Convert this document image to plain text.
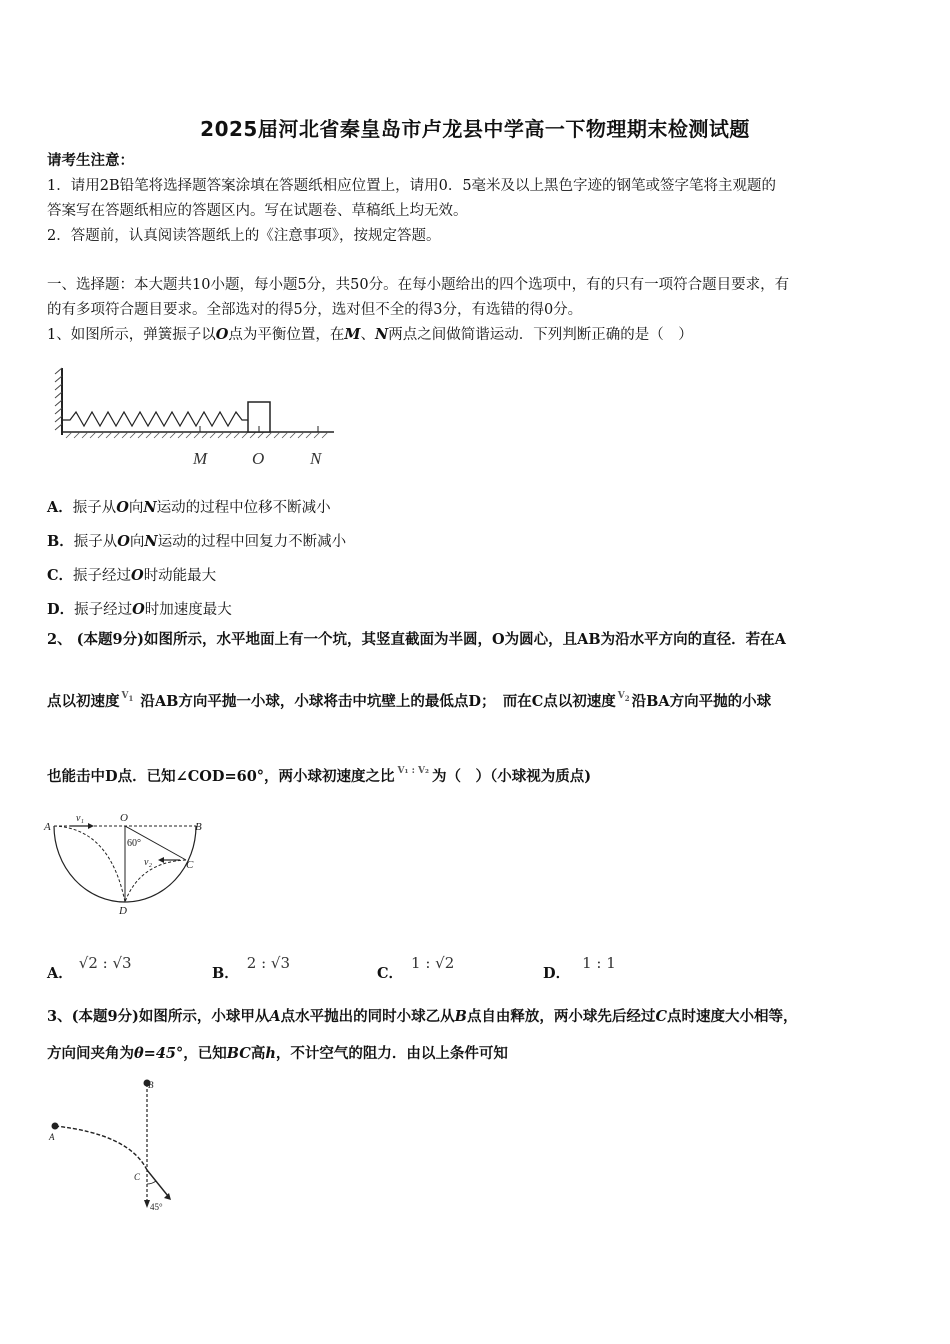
2025届河北省秦皇岛市卢龙县中学高一下物理期末检测试题
请考生注意：
1．请用2B铅笔将选择题答案涂填在答题纸相应位置上，请用0．5毫米及以上黑色字迹的钢笔或签字笔将主观题的
答案写在答题纸相应的答题区内。写在试题卷、草稿纸上均无效。
2．答题前，认真阅读答题纸上的《注意事项》，按规定答题。
一、选择题：本大题共10小题，每小题5分，共50分。在每小题给出的四个选项中，有的只有一项符合题目要求，有
的有多项符合题目要求。全部选对的得5分，选对但不全的得3分，有选错的得0分。
1、如图所示，弹簧振子以O点为平衡位置，在M、N两点之间做简谐运动．下列判断正确的是（　）
M	O	N
A．振子从O向N运动的过程中位移不断减小
B．振子从O向N运动的过程中回复力不断减小
C．振子经过O时动能最大
D．振子经过O时加速度最大
2、 (本题9分)如图所示，水平地面上有一个坑，其竖直截面为半圆，O为圆心，且AB为沿水平方向的直径．若在A
点以初速度 $^{V_1}$ 沿AB方向平抛一小球，小球将击中坑壁上的最低点D；　而在C点以初速度 $^{V_2}$ 沿BA方向平抛的小球
也能击中D点．已知∠COD=60°，两小球初速度之比 $^{V_1 : V_2}$ 为（　）（小球视为质点)
A
O
B
C
D
60°
v₁
v₂
A．√2 : √3
B．2 : √3
C．1 : √2
D．1 : 1
3、(本题9分)如图所示，小球甲从A点水平抛出的同时小球乙从B点自由释放，两小球先后经过C点时速度大小相等，
方向间夹角为θ=45°，已知BC高h，不计空气的阻力．由以上条件可知
B
A
C
45°
